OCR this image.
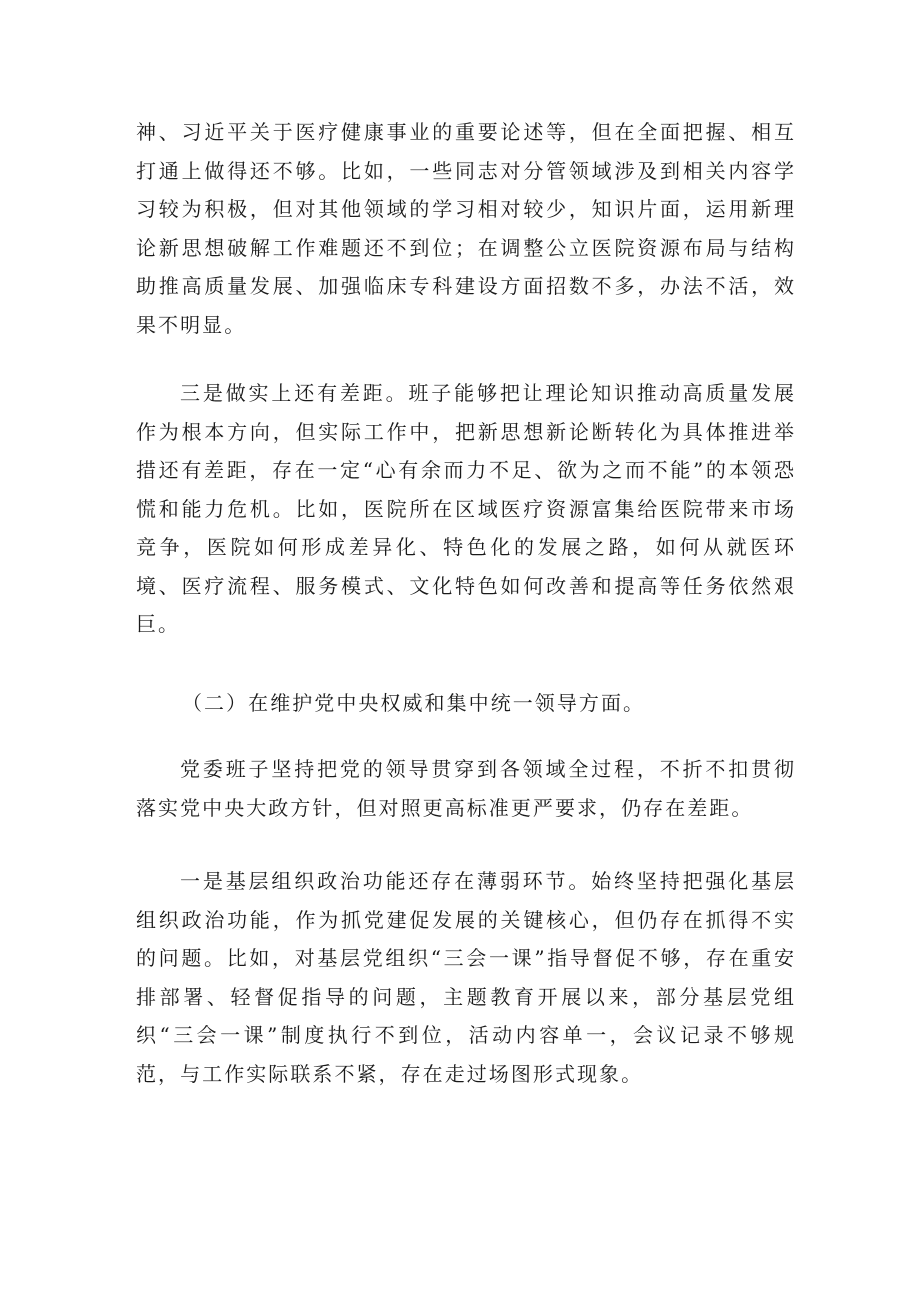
神、习近平关于医疗健康事业的重要论述等，但在全面把握、相互打通上做得还不够。比如，一些同志对分管领域涉及到相关内容学习较为积极，但对其他领域的学习相对较少，知识片面，运用新理论新思想破解工作难题还不到位；在调整公立医院资源布局与结构助推高质量发展、加强临床专科建设方面招数不多，办法不活，效果不明显。

三是做实上还有差距。班子能够把让理论知识推动高质量发展作为根本方向，但实际工作中，把新思想新论断转化为具体推进举措还有差距，存在一定“心有余而力不足、欲为之而不能”的本领恐慌和能力危机。比如，医院所在区域医疗资源富集给医院带来市场竞争，医院如何形成差异化、特色化的发展之路，如何从就医环境、医疗流程、服务模式、文化特色如何改善和提高等任务依然艰巨。

（二）在维护党中央权威和集中统一领导方面。

党委班子坚持把党的领导贯穿到各领域全过程，不折不扣贯彻落实党中央大政方针，但对照更高标准更严要求，仍存在差距。

一是基层组织政治功能还存在薄弱环节。始终坚持把强化基层组织政治功能，作为抓党建促发展的关键核心，但仍存在抓得不实的问题。比如，对基层党组织“三会一课”指导督促不够，存在重安排部署、轻督促指导的问题，主题教育开展以来，部分基层党组织“三会一课”制度执行不到位，活动内容单一，会议记录不够规范，与工作实际联系不紧，存在走过场图形式现象。
